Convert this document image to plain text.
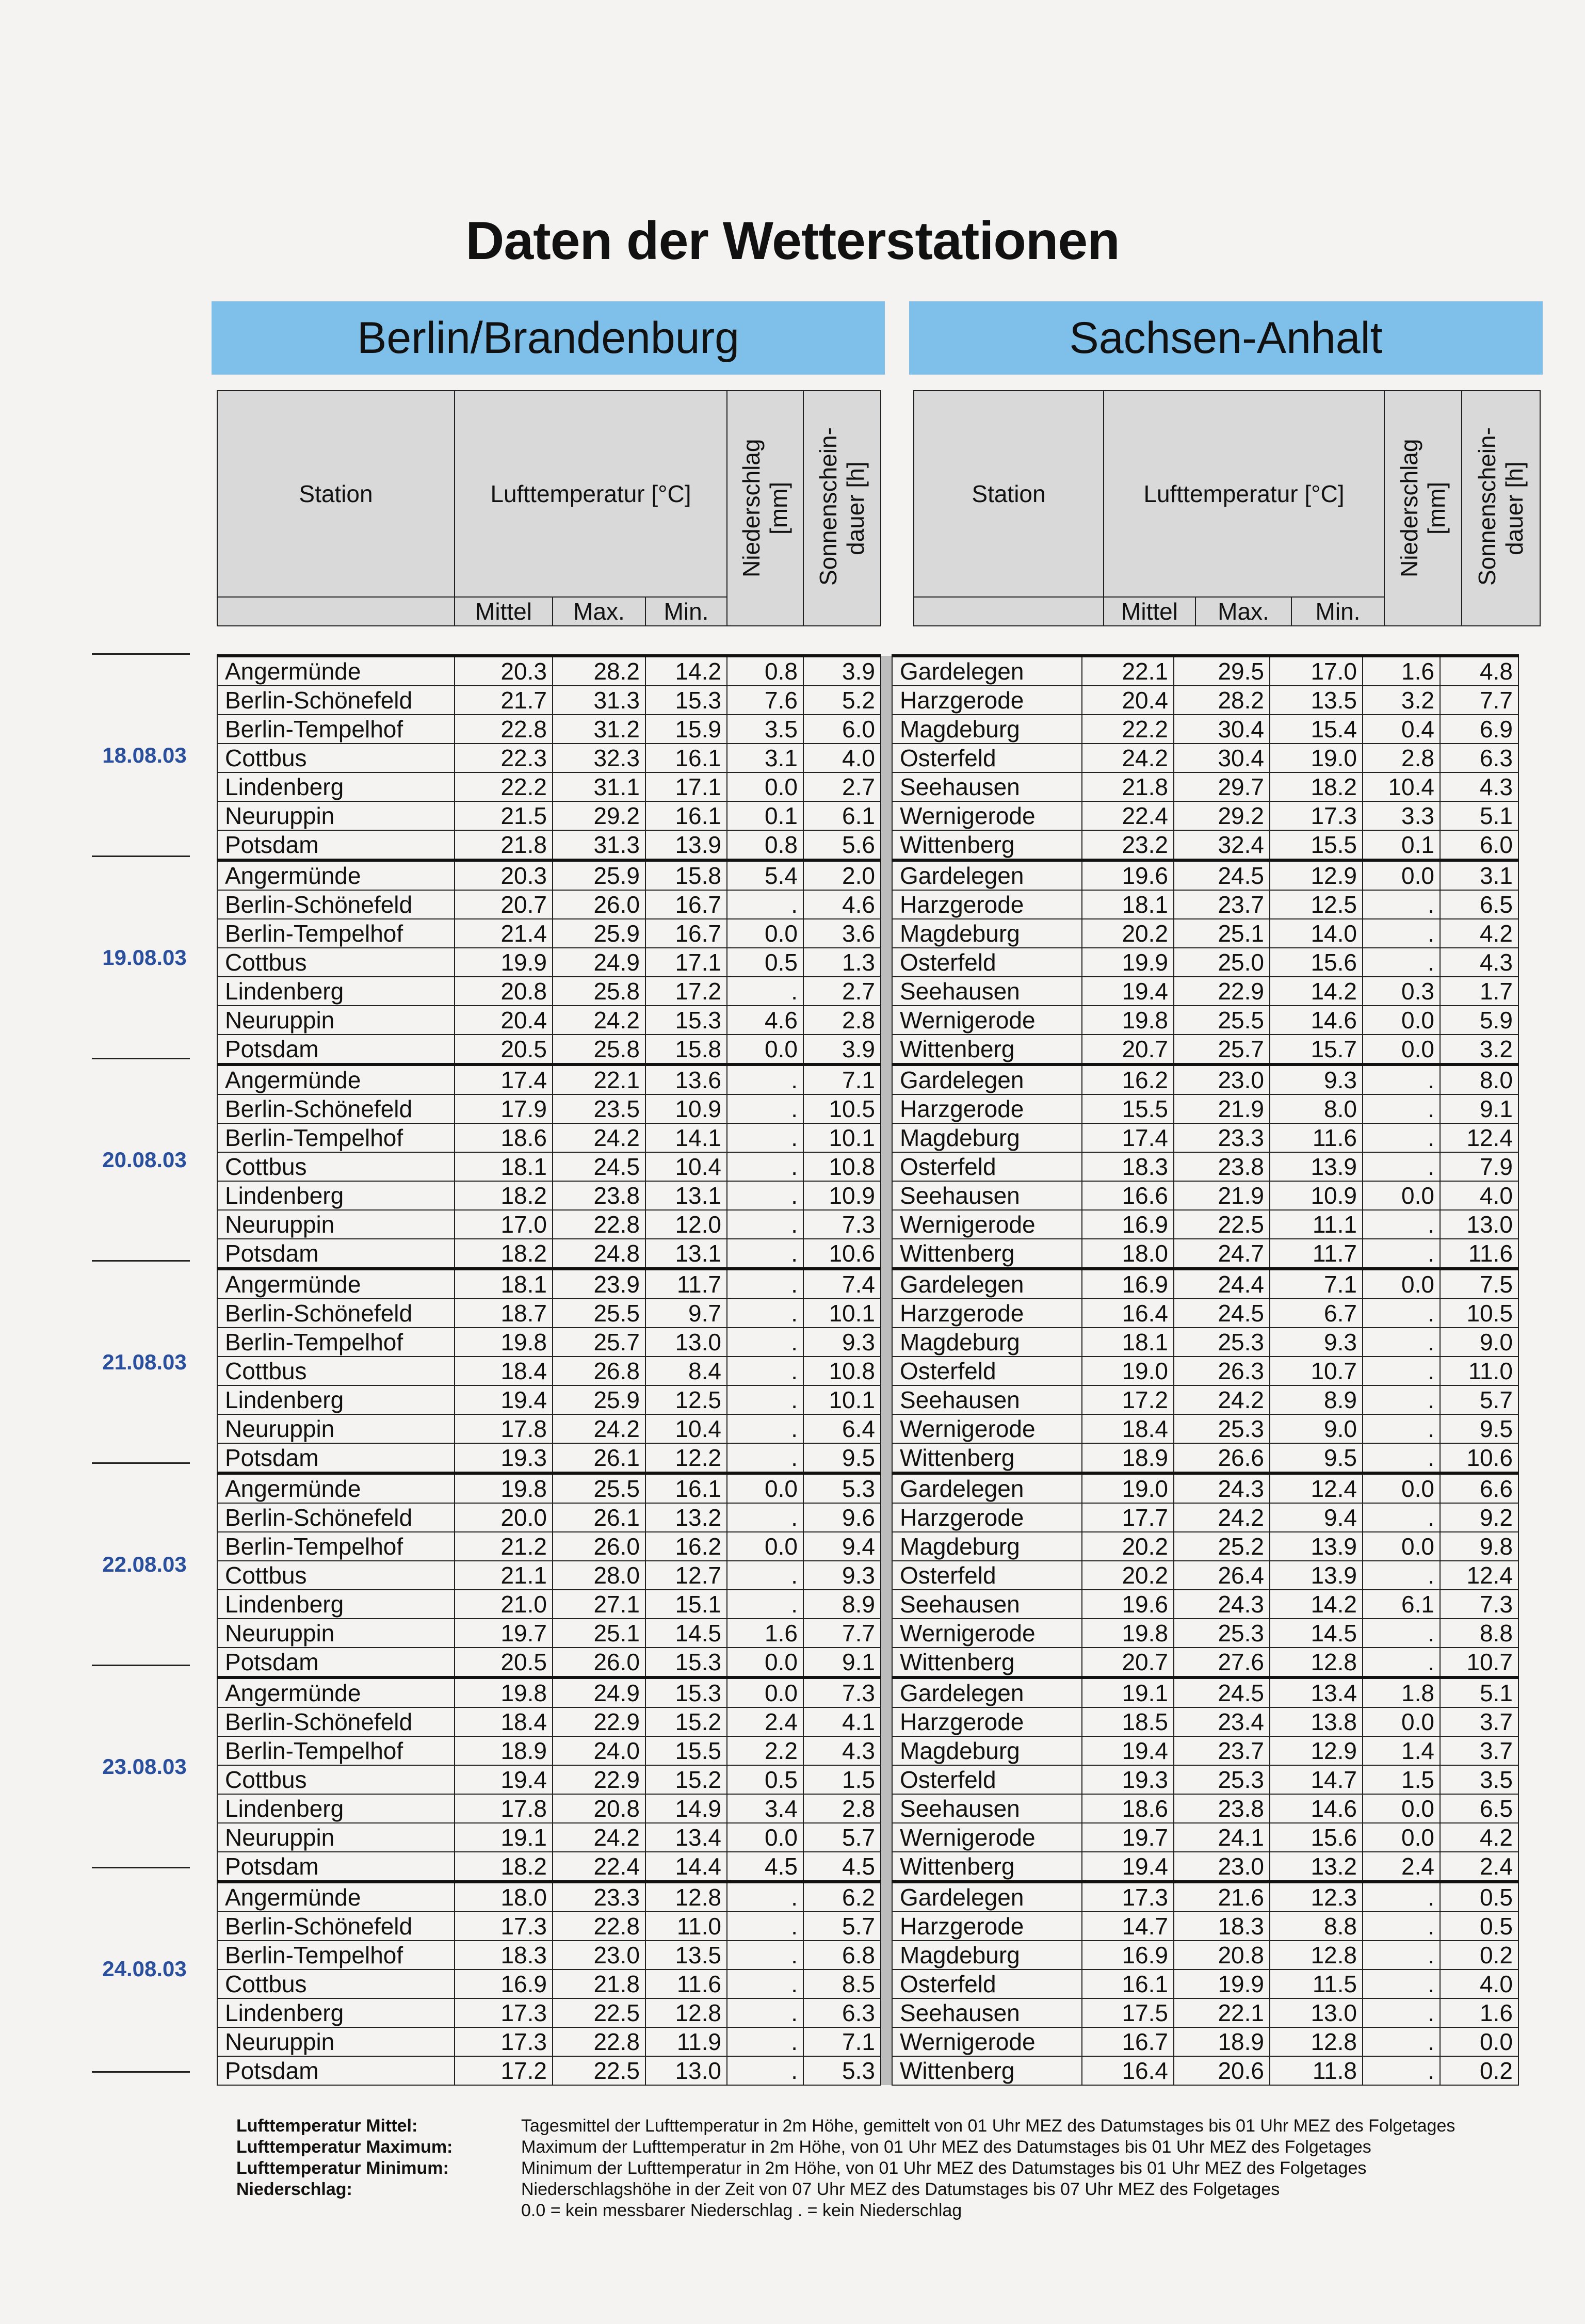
Daten der Wetterstationen
Berlin/Brandenburg	Sachsen-Anhalt
Station	Lufttemperatur [°C]			Niederschlag [mm]	Sonnenschein-dauer [h]

	Mittel	Max.	Min.		
Station	Lufttemperatur [°C]			Niederschlag [mm]	Sonnenschein-dauer [h]

	Mittel	Max.	Min.		
Angermünde	20.3	28.2	14.2	0.8	3.9		Gardelegen	22.1	29.5	17.0	1.6	4.8
Berlin-Schönefeld	21.7	31.3	15.3	7.6	5.2		Harzgerode	20.4	28.2	13.5	3.2	7.7
Berlin-Tempelhof	22.8	31.2	15.9	3.5	6.0		Magdeburg	22.2	30.4	15.4	0.4	6.9
Cottbus	22.3	32.3	16.1	3.1	4.0		Osterfeld	24.2	30.4	19.0	2.8	6.3
Lindenberg	22.2	31.1	17.1	0.0	2.7		Seehausen	21.8	29.7	18.2	10.4	4.3
Neuruppin	21.5	29.2	16.1	0.1	6.1		Wernigerode	22.4	29.2	17.3	3.3	5.1
Potsdam	21.8	31.3	13.9	0.8	5.6		Wittenberg	23.2	32.4	15.5	0.1	6.0
Angermünde	20.3	25.9	15.8	5.4	2.0		Gardelegen	19.6	24.5	12.9	0.0	3.1
Berlin-Schönefeld	20.7	26.0	16.7	.	4.6		Harzgerode	18.1	23.7	12.5	.	6.5
Berlin-Tempelhof	21.4	25.9	16.7	0.0	3.6		Magdeburg	20.2	25.1	14.0	.	4.2
Cottbus	19.9	24.9	17.1	0.5	1.3		Osterfeld	19.9	25.0	15.6	.	4.3
Lindenberg	20.8	25.8	17.2	.	2.7		Seehausen	19.4	22.9	14.2	0.3	1.7
Neuruppin	20.4	24.2	15.3	4.6	2.8		Wernigerode	19.8	25.5	14.6	0.0	5.9
Potsdam	20.5	25.8	15.8	0.0	3.9		Wittenberg	20.7	25.7	15.7	0.0	3.2
Angermünde	17.4	22.1	13.6	.	7.1		Gardelegen	16.2	23.0	9.3	.	8.0
Berlin-Schönefeld	17.9	23.5	10.9	.	10.5		Harzgerode	15.5	21.9	8.0	.	9.1
Berlin-Tempelhof	18.6	24.2	14.1	.	10.1		Magdeburg	17.4	23.3	11.6	.	12.4
Cottbus	18.1	24.5	10.4	.	10.8		Osterfeld	18.3	23.8	13.9	.	7.9
Lindenberg	18.2	23.8	13.1	.	10.9		Seehausen	16.6	21.9	10.9	0.0	4.0
Neuruppin	17.0	22.8	12.0	.	7.3		Wernigerode	16.9	22.5	11.1	.	13.0
Potsdam	18.2	24.8	13.1	.	10.6		Wittenberg	18.0	24.7	11.7	.	11.6
Angermünde	18.1	23.9	11.7	.	7.4		Gardelegen	16.9	24.4	7.1	0.0	7.5
Berlin-Schönefeld	18.7	25.5	9.7	.	10.1		Harzgerode	16.4	24.5	6.7	.	10.5
Berlin-Tempelhof	19.8	25.7	13.0	.	9.3		Magdeburg	18.1	25.3	9.3	.	9.0
Cottbus	18.4	26.8	8.4	.	10.8		Osterfeld	19.0	26.3	10.7	.	11.0
Lindenberg	19.4	25.9	12.5	.	10.1		Seehausen	17.2	24.2	8.9	.	5.7
Neuruppin	17.8	24.2	10.4	.	6.4		Wernigerode	18.4	25.3	9.0	.	9.5
Potsdam	19.3	26.1	12.2	.	9.5		Wittenberg	18.9	26.6	9.5	.	10.6
Angermünde	19.8	25.5	16.1	0.0	5.3		Gardelegen	19.0	24.3	12.4	0.0	6.6
Berlin-Schönefeld	20.0	26.1	13.2	.	9.6		Harzgerode	17.7	24.2	9.4	.	9.2
Berlin-Tempelhof	21.2	26.0	16.2	0.0	9.4		Magdeburg	20.2	25.2	13.9	0.0	9.8
Cottbus	21.1	28.0	12.7	.	9.3		Osterfeld	20.2	26.4	13.9	.	12.4
Lindenberg	21.0	27.1	15.1	.	8.9		Seehausen	19.6	24.3	14.2	6.1	7.3
Neuruppin	19.7	25.1	14.5	1.6	7.7		Wernigerode	19.8	25.3	14.5	.	8.8
Potsdam	20.5	26.0	15.3	0.0	9.1		Wittenberg	20.7	27.6	12.8	.	10.7
Angermünde	19.8	24.9	15.3	0.0	7.3		Gardelegen	19.1	24.5	13.4	1.8	5.1
Berlin-Schönefeld	18.4	22.9	15.2	2.4	4.1		Harzgerode	18.5	23.4	13.8	0.0	3.7
Berlin-Tempelhof	18.9	24.0	15.5	2.2	4.3		Magdeburg	19.4	23.7	12.9	1.4	3.7
Cottbus	19.4	22.9	15.2	0.5	1.5		Osterfeld	19.3	25.3	14.7	1.5	3.5
Lindenberg	17.8	20.8	14.9	3.4	2.8		Seehausen	18.6	23.8	14.6	0.0	6.5
Neuruppin	19.1	24.2	13.4	0.0	5.7		Wernigerode	19.7	24.1	15.6	0.0	4.2
Potsdam	18.2	22.4	14.4	4.5	4.5		Wittenberg	19.4	23.0	13.2	2.4	2.4
Angermünde	18.0	23.3	12.8	.	6.2		Gardelegen	17.3	21.6	12.3	.	0.5
Berlin-Schönefeld	17.3	22.8	11.0	.	5.7		Harzgerode	14.7	18.3	8.8	.	0.5
Berlin-Tempelhof	18.3	23.0	13.5	.	6.8		Magdeburg	16.9	20.8	12.8	.	0.2
Cottbus	16.9	21.8	11.6	.	8.5		Osterfeld	16.1	19.9	11.5	.	4.0
Lindenberg	17.3	22.5	12.8	.	6.3		Seehausen	17.5	22.1	13.0	.	1.6
Neuruppin	17.3	22.8	11.9	.	7.1		Wernigerode	16.7	18.9	12.8	.	0.0
Potsdam	17.2	22.5	13.0	.	5.3		Wittenberg	16.4	20.6	11.8	.	0.2
18.08.03
19.08.03
20.08.03
21.08.03
22.08.03
23.08.03
24.08.03
Lufttemperatur Mittel:	Tagesmittel der Lufttemperatur in 2m Höhe, gemittelt von 01 Uhr MEZ des Datumstages bis 01 Uhr MEZ des Folgetages
Lufttemperatur Maximum:	Maximum der Lufttemperatur in 2m Höhe, von 01 Uhr MEZ des Datumstages bis 01 Uhr MEZ des Folgetages
Lufttemperatur Minimum:	Minimum der Lufttemperatur in 2m Höhe, von 01 Uhr MEZ des Datumstages bis 01 Uhr MEZ des Folgetages
Niederschlag:	Niederschlagshöhe in der Zeit von 07 Uhr MEZ des Datumstages bis 07 Uhr MEZ des Folgetages
0.0 = kein messbarer Niederschlag . = kein Niederschlag
